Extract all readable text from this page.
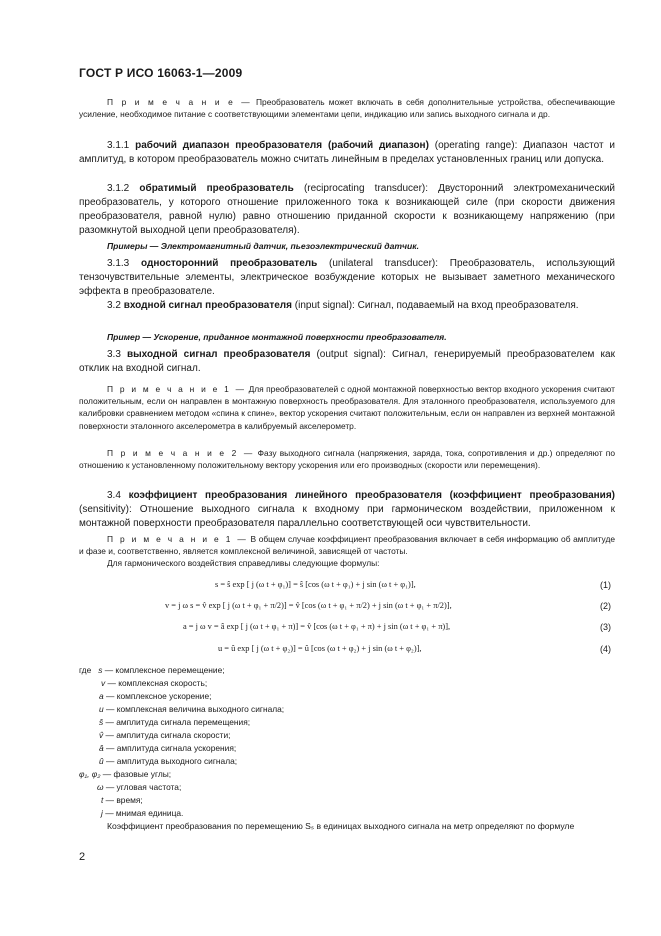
ГОСТ Р ИСО 16063-1—2009

П р и м е ч а н и е — Преобразователь может включать в себя дополнительные устройства, обеспечивающие усиление, необходимое питание с соответствующими элементами цепи, индикацию или запись выходного сигнала и др.

3.1.1 рабочий диапазон преобразователя (рабочий диапазон) (operating range): Диапазон частот и амплитуд, в котором преобразователь можно считать линейным в пределах установленных границ или допуска.

3.1.2 обратимый преобразователь (reciprocating transducer): Двусторонний электромеханический преобразователь, у которого отношение приложенного тока к возникающей силе (при скорости движения преобразователя, равной нулю) равно отношению приданной скорости к возникающему напряжению (при разомкнутой выходной цепи преобразователя).

Примеры — Электромагнитный датчик, пьезоэлектрический датчик.

3.1.3 односторонний преобразователь (unilateral transducer): Преобразователь, использующий тензочувствительные элементы, электрическое возбуждение которых не вызывает заметного механического эффекта в преобразователе.

3.2 входной сигнал преобразователя (input signal): Сигнал, подаваемый на вход преобразователя.

Пример — Ускорение, приданное монтажной поверхности преобразователя.

3.3 выходной сигнал преобразователя (output signal): Сигнал, генерируемый преобразователем как отклик на входной сигнал.

П р и м е ч а н и е 1 — Для преобразователей с одной монтажной поверхностью вектор входного ускорения считают положительным, если он направлен в монтажную поверхность преобразователя. Для эталонного преобразователя, используемого для калибровки сравнением методом «спина к спине», вектор ускорения считают положительным, если он направлен из верхней монтажной поверхности эталонного акселерометра в калибруемый акселерометр.

П р и м е ч а н и е 2 — Фазу выходного сигнала (напряжения, заряда, тока, сопротивления и др.) определяют по отношению к установленному положительному вектору ускорения или его производных (скорости или перемещения).

3.4 коэффициент преобразования линейного преобразователя (коэффициент преобразования) (sensitivity): Отношение выходного сигнала к входному при гармоническом воздействии, приложенном к монтажной поверхности преобразователя параллельно соответствующей оси чувствительности.

П р и м е ч а н и е 1 — В общем случае коэффициент преобразования включает в себя информацию об амплитуде и фазе и, соответственно, является комплексной величиной, зависящей от частоты.

Для гармонического воздействия справедливы следующие формулы:

s = ŝ exp [ j (ω t + φ₁)] = ŝ [cos (ω t + φ₁) + j sin (ω t + φ₁)],	(1)
v = j ω s = v̂ exp [ j (ω t + φ₁ + π/2)] = v̂ [cos (ω t + φ₁ + π/2) + j sin (ω t + φ₁ + π/2)],	(2)
a = j ω v = â exp [ j (ω t + φ₁ + π)] = v̂ [cos (ω t + φ₁ + π) + j sin (ω t + φ₁ + π)],	(3)
u = û exp [ j (ω t + φ₂)] = û [cos (ω t + φ₂) + j sin (ω t + φ₂)],	(4)
где s — комплексное перемещение;
v — комплексная скорость;
a — комплексное ускорение;
u — комплексная величина выходного сигнала;
ŝ — амплитуда сигнала перемещения;
v̂ — амплитуда сигнала скорости;
â — амплитуда сигнала ускорения;
û — амплитуда выходного сигнала;
φ₁, φ₂ — фазовые углы;
ω — угловая частота;
t — время;
j — мнимая единица.

Коэффициент преобразования по перемещению Sₛ в единицах выходного сигнала на метр определяют по формуле

2
